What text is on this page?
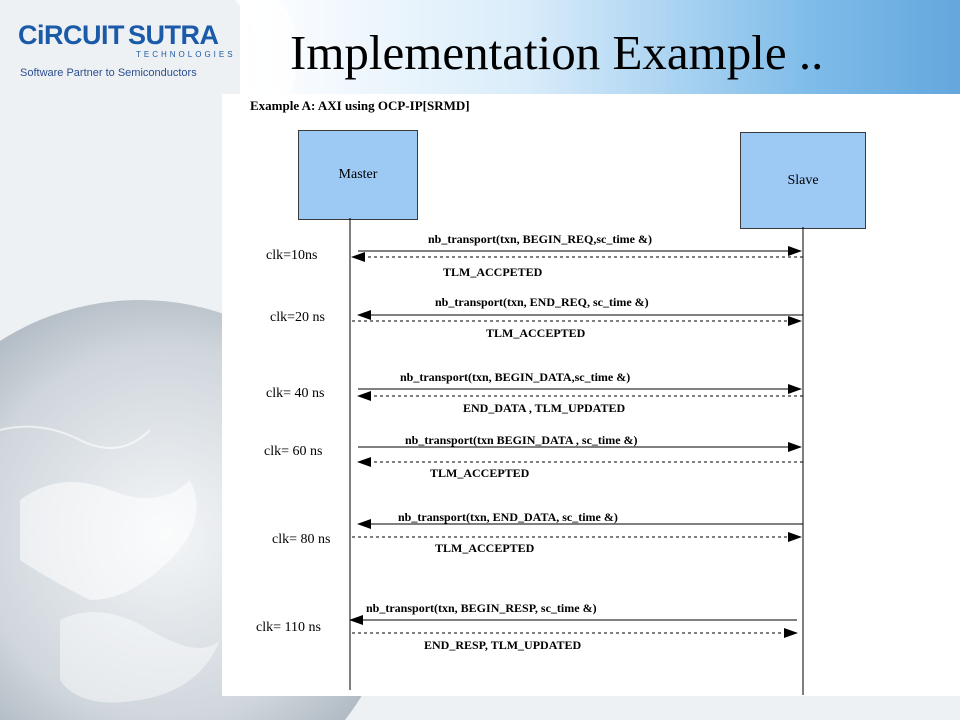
CiRCUIT SUTRA
TECHNOLOGIES
Software Partner to Semiconductors Implementation Example ..
Example A: AXI using OCP-IP[SRMD]
Master	Slave
clk=10ns
clk=20 ns
clk= 40 ns
clk= 60 ns
clk= 80 ns
clk= 110 ns
nb_transport(txn, BEGIN_REQ,sc_time &)
TLM_ACCPETED
nb_transport(txn, END_REQ, sc_time &)
TLM_ACCEPTED
nb_transport(txn, BEGIN_DATA,sc_time &)
END_DATA , TLM_UPDATED
nb_transport(txn BEGIN_DATA , sc_time &)
TLM_ACCEPTED
nb_transport(txn, END_DATA, sc_time &)
TLM_ACCEPTED
nb_transport(txn, BEGIN_RESP, sc_time &)
END_RESP, TLM_UPDATED
